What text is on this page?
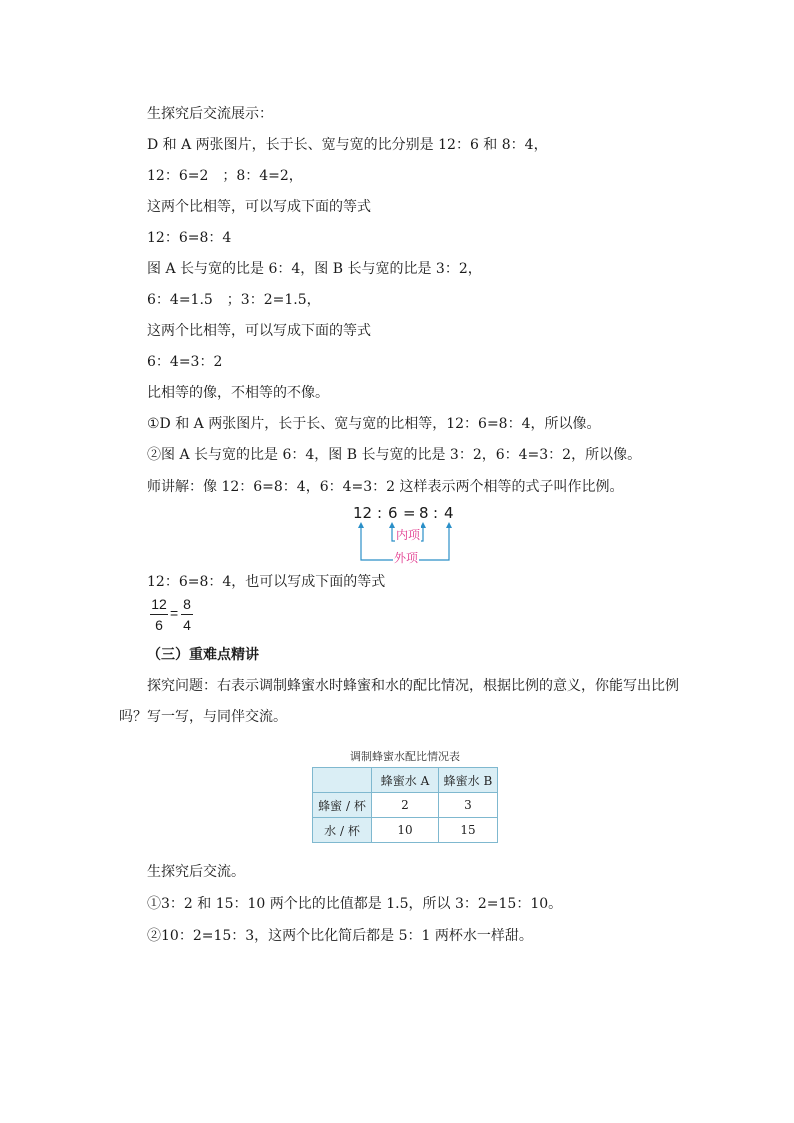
生探究后交流展示：
D 和 A 两张图片，长于长、宽与宽的比分别是 12：6 和 8：4，
12：6=2　；8：4=2，
这两个比相等，可以写成下面的等式
12：6=8：4
图 A 长与宽的比是 6：4，图 B 长与宽的比是 3：2，
6：4=1.5　；3：2=1.5，
这两个比相等，可以写成下面的等式
6：4=3：2
比相等的像，不相等的不像。
①D 和 A 两张图片，长于长、宽与宽的比相等，12：6=8：4，所以像。
②图 A 长与宽的比是 6：4，图 B 长与宽的比是 3：2，6：4=3：2，所以像。
师讲解：像 12：6=8：4，6：4=3：2 这样表示两个相等的式子叫作比例。
12 : 6 = 8 : 4
内项
外项
12：6=8：4，也可以写成下面的等式
12
6
=
8
4
（三）重难点精讲
探究问题：右表示调制蜂蜜水时蜂蜜和水的配比情况，根据比例的意义，你能写出比例吗？写一写，与同伴交流。
调制蜂蜜水配比情况表
	蜂蜜水 A	蜂蜜水 B
蜂蜜 / 杯	2	3
水 / 杯	10	15
生探究后交流。
①3：2 和 15：10 两个比的比值都是 1.5，所以 3：2=15：10。
②10：2=15：3，这两个比化简后都是 5：1 两杯水一样甜。
